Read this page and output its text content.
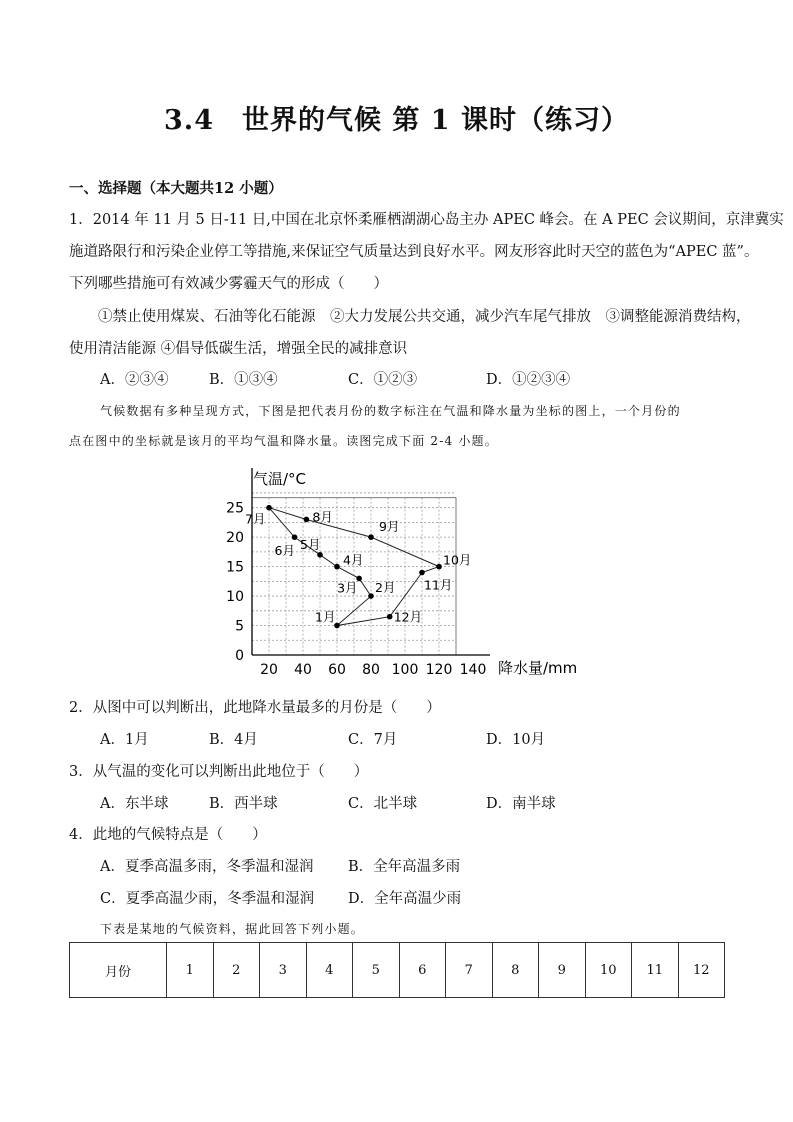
3.4　世界的气候 第 1 课时（练习）
一、选择题（本大题共12 小题）
1．2014 年 11 月 5 日-11 日,中国在北京怀柔雁栖湖湖心岛主办 APEC 峰会。在 A PEC 会议期间，京津冀实
施道路限行和污染企业停工等措施,来保证空气质量达到良好水平。网友形容此时天空的蓝色为“APEC 蓝”。
下列哪些措施可有效减少雾霾天气的形成（　　）
①禁止使用煤炭、石油等化石能源　②大力发展公共交通，减少汽车尾气排放　③调整能源消费结构，
使用清洁能源 ④倡导低碳生活，增强全民的减排意识
A．②③④	B．①③④	C．①②③	D．①②③④
气候数据有多种呈现方式，下图是把代表月份的数字标注在气温和降水量为坐标的图上，一个月份的
点在图中的坐标就是该月的平均气温和降水量。读图完成下面 2-4 小题。
0
5
10
15
20
25
20 40 60 80 100 120 140
1月
2月
3月
4月
5月
6月
7月	8月
9月
10月
11月
12月
气温/°C
降水量/mm
2．从图中可以判断出，此地降水量最多的月份是（　　）
A．1月	B．4月	C．7月	D．10月
3．从气温的变化可以判断出此地位于（　　）
A．东半球	B．西半球	C．北半球	D．南半球
4．此地的气候特点是（　　）
A．夏季高温多雨，冬季温和湿润 B．全年高温多雨
C．夏季高温少雨，冬季温和湿润 D．全年高温少雨
下表是某地的气候资料，据此回答下列小题。
月份	1	2	3	4	5	6	7	8	9	10	11	12
